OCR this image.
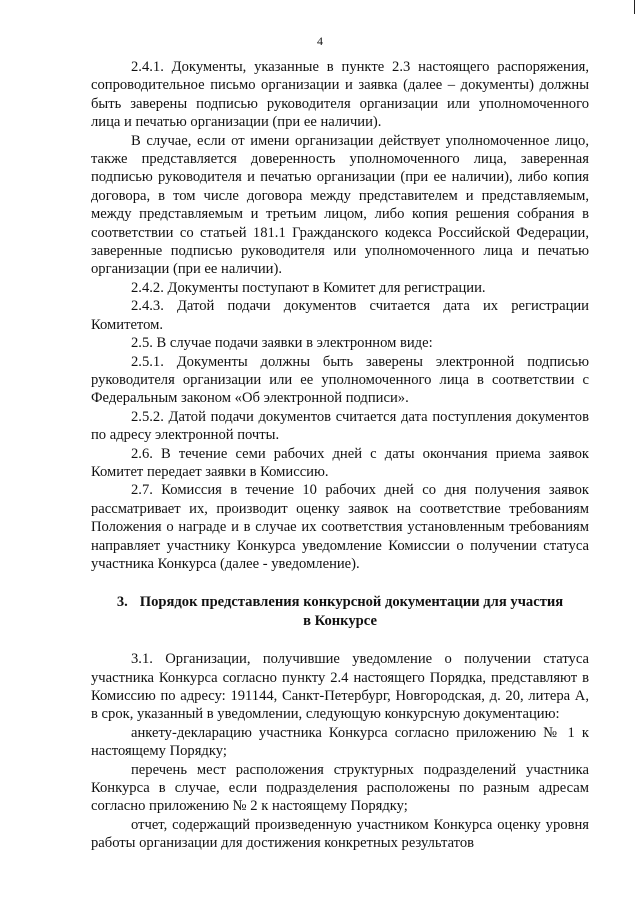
4

2.4.1. Документы, указанные в пункте 2.3 настоящего распоряжения, сопроводительное письмо организации и заявка (далее – документы) должны быть заверены подписью руководителя организации или уполномоченного лица и печатью организации (при ее наличии).

В случае, если от имени организации действует уполномоченное лицо, также представляется доверенность уполномоченного лица, заверенная подписью руководителя и печатью организации (при ее наличии), либо копия договора, в том числе договора между представителем и представляемым, между представляемым и третьим лицом, либо копия решения собрания в соответствии со статьей 181.1 Гражданского кодекса Российской Федерации, заверенные подписью руководителя или уполномоченного лица и печатью организации (при ее наличии).

2.4.2. Документы поступают в Комитет для регистрации.

2.4.3. Датой подачи документов считается дата их регистрации Комитетом.

2.5. В случае подачи заявки в электронном виде:

2.5.1. Документы должны быть заверены электронной подписью руководителя организации или ее уполномоченного лица в соответствии с Федеральным законом «Об электронной подписи».

2.5.2. Датой подачи документов считается дата поступления документов по адресу электронной почты.

2.6. В течение семи рабочих дней с даты окончания приема заявок Комитет передает заявки в Комиссию.

2.7. Комиссия в течение 10 рабочих дней со дня получения заявок рассматривает их, производит оценку заявок на соответствие требованиям Положения о награде и в случае их соответствия установленным требованиям направляет участнику Конкурса уведомление Комиссии о получении статуса участника Конкурса (далее - уведомление).

3. Порядок представления конкурсной документации для участия
в Конкурсе

3.1. Организации, получившие уведомление о получении статуса участника Конкурса согласно пункту 2.4 настоящего Порядка, представляют в Комиссию по адресу: 191144, Санкт-Петербург, Новгородская, д. 20, литера А, в срок, указанный в уведомлении, следующую конкурсную документацию:

анкету-декларацию участника Конкурса согласно приложению № 1 к настоящему Порядку;

перечень мест расположения структурных подразделений участника Конкурса в случае, если подразделения расположены по разным адресам согласно приложению № 2 к настоящему Порядку;

отчет, содержащий произведенную участником Конкурса оценку уровня работы организации для достижения конкретных результатов
